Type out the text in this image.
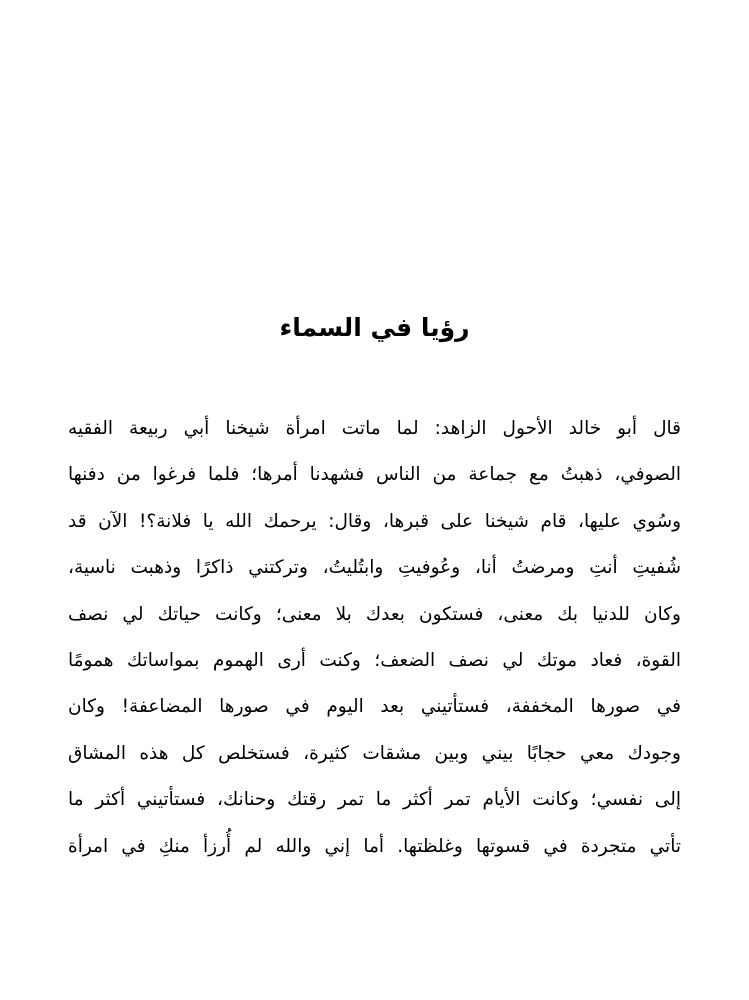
رؤيا في السماء
قال أبو خالد الأحول الزاهد: لما ماتت امرأة شيخنا أبي ربيعة الفقيه
الصوفي، ذهبتُ مع جماعة من الناس فشهدنا أمرها؛ فلما فرغوا من دفنها
وسُوي عليها، قام شيخنا على قبرها، وقال: يرحمك الله يا فلانة؟! الآن قد
شُفيتِ أنتِ ومرضتُ أنا، وعُوفيتِ وابتُليتُ، وتركتني ذاكرًا وذهبت ناسية،
وكان للدنيا بك معنى، فستكون بعدك بلا معنى؛ وكانت حياتك لي نصف
القوة، فعاد موتك لي نصف الضعف؛ وكنت أرى الهموم بمواساتك همومًا
في صورها المخففة، فستأتيني بعد اليوم في صورها المضاعفة! وكان
وجودك معي حجابًا بيني وبين مشقات كثيرة، فستخلص كل هذه المشاق
إلى نفسي؛ وكانت الأيام تمر أكثر ما تمر رقتك وحنانك، فستأتيني أكثر ما
تأتي متجردة في قسوتها وغلظتها. أما إني والله لم أُرزأ منكِ في امرأة
